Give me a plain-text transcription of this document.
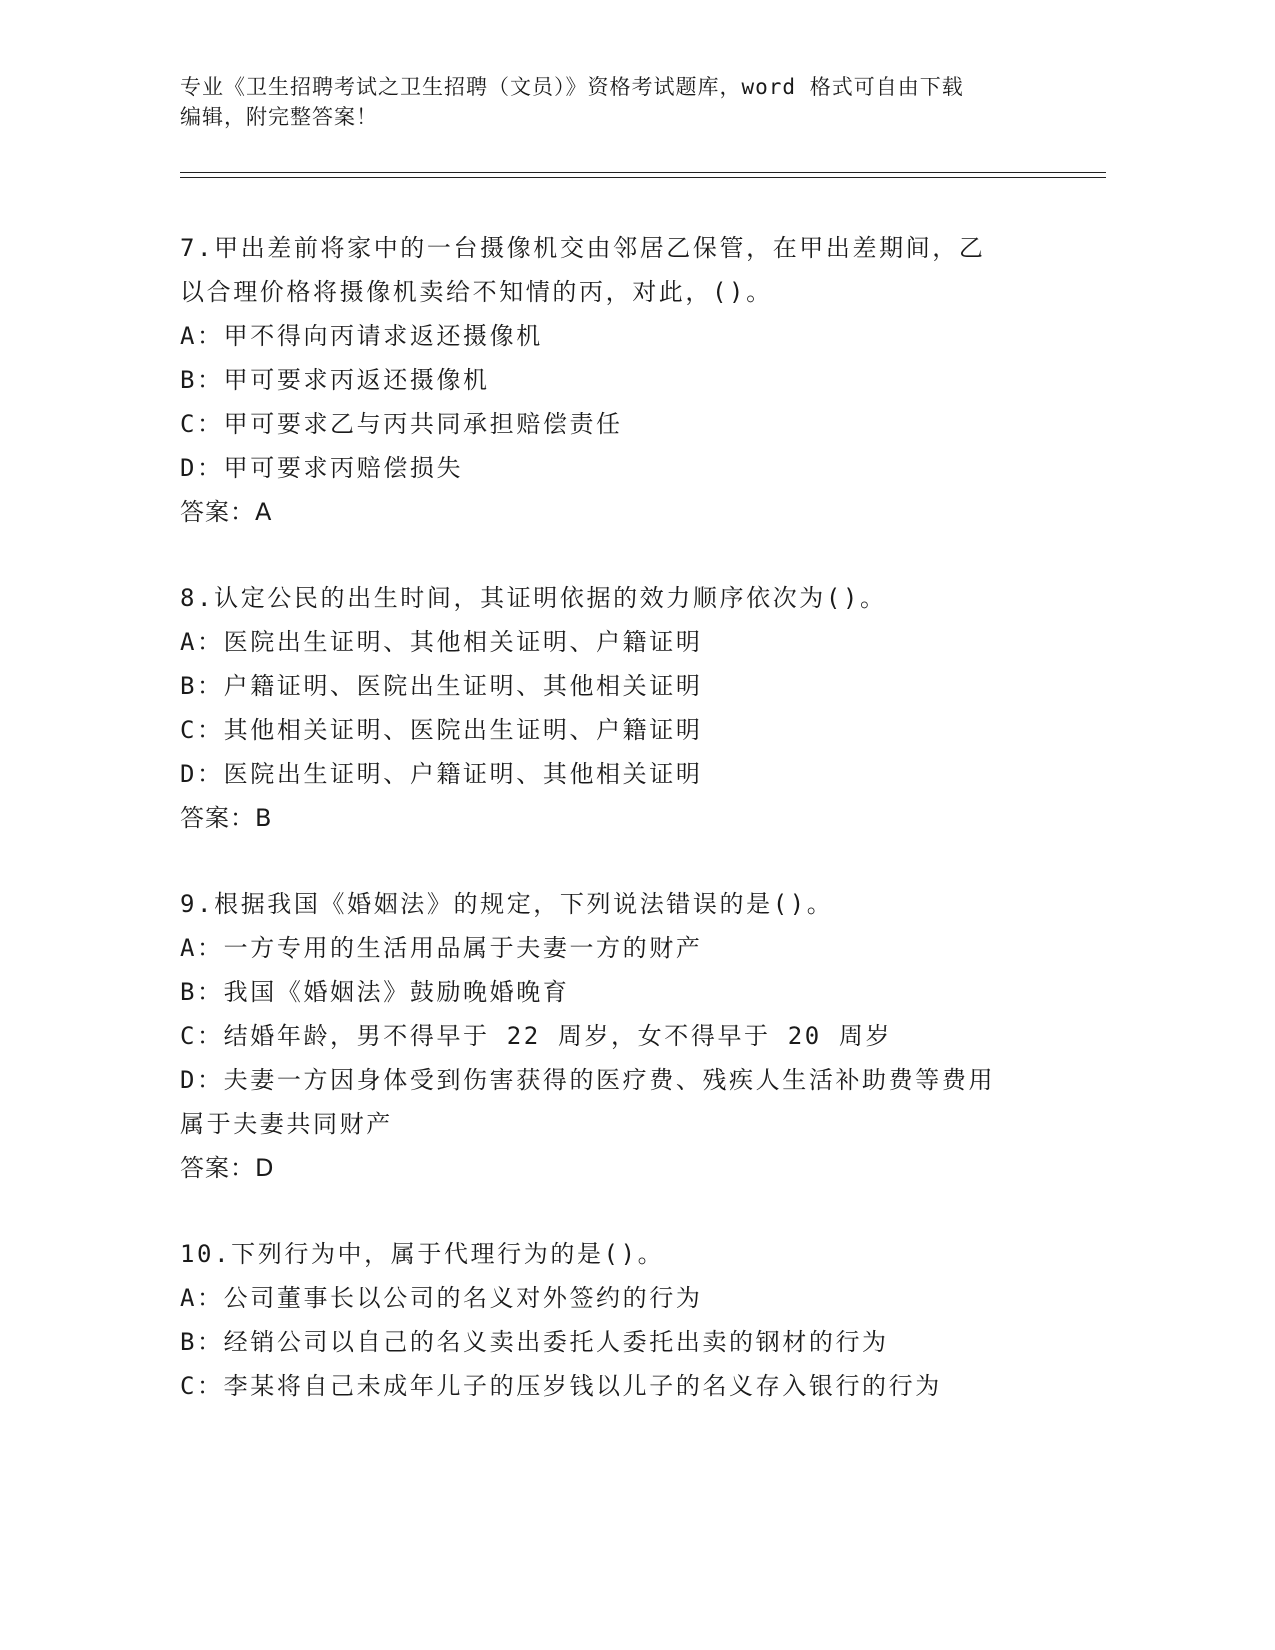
专业《卫生招聘考试之卫生招聘（文员）》资格考试题库，word 格式可自由下载
编辑，附完整答案！
7.甲出差前将家中的一台摄像机交由邻居乙保管，在甲出差期间，乙
以合理价格将摄像机卖给不知情的丙，对此，()。
A：甲不得向丙请求返还摄像机
B：甲可要求丙返还摄像机
C：甲可要求乙与丙共同承担赔偿责任
D：甲可要求丙赔偿损失
答案：A
8.认定公民的出生时间，其证明依据的效力顺序依次为()。
A：医院出生证明、其他相关证明、户籍证明
B：户籍证明、医院出生证明、其他相关证明
C：其他相关证明、医院出生证明、户籍证明
D：医院出生证明、户籍证明、其他相关证明
答案：B
9.根据我国《婚姻法》的规定，下列说法错误的是()。
A：一方专用的生活用品属于夫妻一方的财产
B：我国《婚姻法》鼓励晚婚晚育
C：结婚年龄，男不得早于 22 周岁，女不得早于 20 周岁
D：夫妻一方因身体受到伤害获得的医疗费、残疾人生活补助费等费用
属于夫妻共同财产
答案：D
10.下列行为中，属于代理行为的是()。
A：公司董事长以公司的名义对外签约的行为
B：经销公司以自己的名义卖出委托人委托出卖的钢材的行为
C：李某将自己未成年儿子的压岁钱以儿子的名义存入银行的行为
